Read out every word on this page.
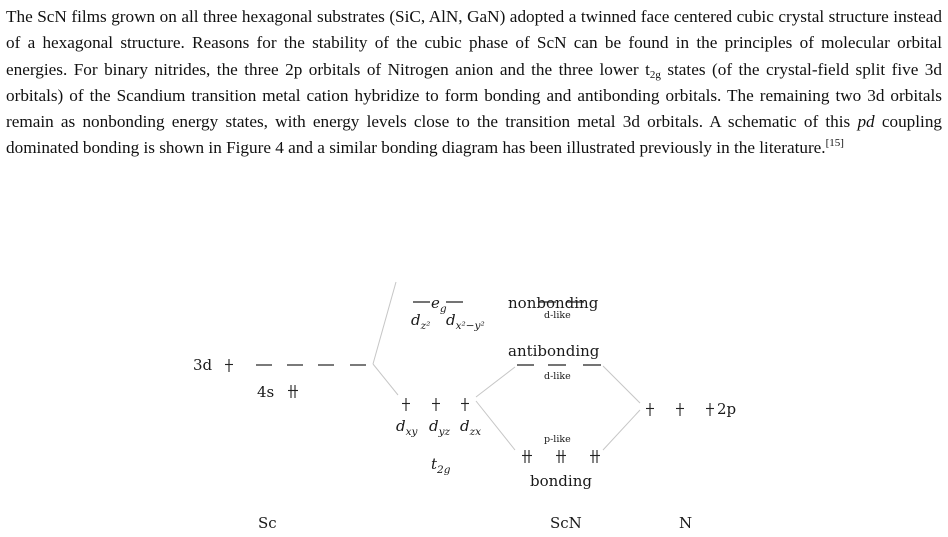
The ScN films grown on all three hexagonal substrates (SiC, AlN, GaN) adopted a twinned face centered cubic crystal structure instead of a hexagonal structure. Reasons for the stability of the cubic phase of ScN can be found in the principles of molecular orbital energies. For binary nitrides, the three 2p orbitals of Nitrogen anion and the three lower $t_{2g}$ states (of the crystal-field split five 3d orbitals) of the Scandium transition metal cation hybridize to form bonding and antibonding orbitals. The remaining two 3d orbitals remain as nonbonding energy states, with energy levels close to the transition metal 3d orbitals. A schematic of this pd coupling dominated bonding is shown in Figure 4 and a similar bonding diagram has been illustrated previously in the literature.[15]

$e_g$	nonbonding
$d_{z^2}$ $d_{x^2-y^2}$
d-like
antibonding
d-like
3d
4s
$d_{xy}$ $d_{yz}$ $d_{zx}$
$t_{2g}$
p-like
bonding
2p
Sc	ScN	N
